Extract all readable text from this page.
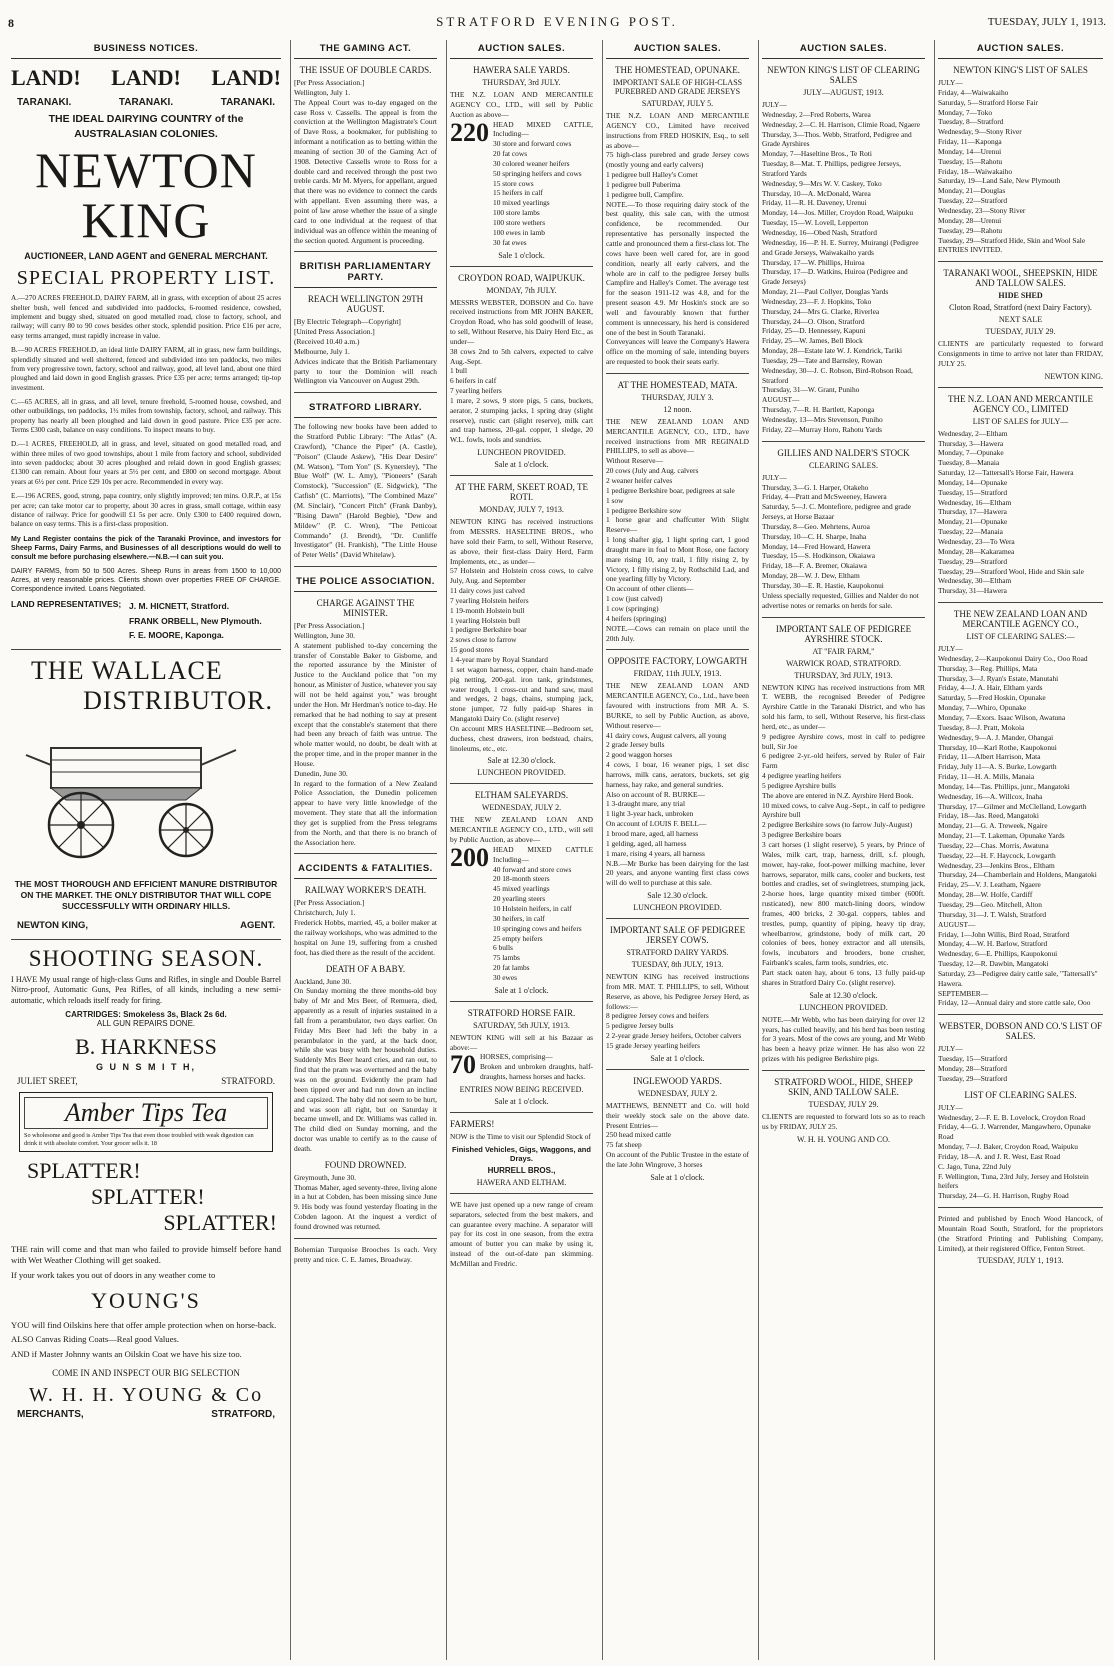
8	STRATFORD EVENING POST.	TUESDAY, JULY 1, 1913.
BUSINESS NOTICES.
LAND! LAND! LAND!
TARANAKI.	TARANAKI.	TARANAKI.
THE IDEAL DAIRYING COUNTRY of the AUSTRALASIAN COLONIES.
NEWTON KING
AUCTIONEER, LAND AGENT and GENERAL MERCHANT.
SPECIAL PROPERTY LIST.
A.—270 ACRES FREEHOLD, DAIRY FARM, all in grass, with exception of about 25 acres shelter bush, well fenced and subdivided into paddocks, 6-roomed residence, cowshed, implement and buggy shed, situated on good metalled road, close to factory, school, and railway; will carry 80 to 90 cows besides other stock, splendid position. Price £16 per acre, easy terms arranged, must rapidly increase in value.
B.—90 ACRES FREEHOLD, an ideal little DAIRY FARM, all in grass, new farm buildings, splendidly situated and well sheltered, fenced and subdivided into ten paddocks, two miles from very progressive town, factory, school and railway, good, all level land, about one third ploughed and laid down in good English grasses. Price £35 per acre; terms arranged; tip-top investment.
C.—65 ACRES, all in grass, and all level, tenure freehold, 5-roomed house, cowshed, and other outbuildings, ten paddocks, 1½ miles from township, factory, school, and railway. This property has nearly all been ploughed and laid down in good pasture. Price £35 per acre. Terms £300 cash, balance on easy conditions. To inspect means to buy.
D.—1 ACRES, FREEHOLD, all in grass, and level, situated on good metalled road, and within three miles of two good townships, about 1 mile from factory and school, subdivided into seven paddocks; about 30 acres ploughed and relaid down in good English grasses; £1300 can remain. About four years at 5½ per cent, and £800 on second mortgage. About years at 6½ per cent. Price £29 10s per acre. Recommended in every way.
E.—196 ACRES, good, strong, papa country, only slightly improved; ten mins. O.R.P., at 15s per acre; can take motor car to property, about 30 acres in grass, small cottage, within easy distance of railway. Price for goodwill £1 5s per acre. Only £300 to £400 required down, balance on easy terms. This is a first-class proposition.
My Land Register contains the pick of the Taranaki Province, and investors for Sheep Farms, Dairy Farms, and Businesses of all descriptions would do well to consult me before purchasing elsewhere.—N.B.—I can suit you.
DAIRY FARMS, from 50 to 500 Acres. Sheep Runs in areas from 1500 to 10,000 Acres, at very reasonable prices. Clients shown over properties FREE OF CHARGE. Correspondence invited. Loans Negotiated.
LAND REPRESENTATIVES; J. M. HICNETT, Stratford.
FRANK ORBELL, New Plymouth.
F. E. MOORE, Kaponga.
THE WALLACE
DISTRIBUTOR.
THE MOST THOROUGH AND EFFICIENT MANURE DISTRIBUTOR ON THE MARKET. THE ONLY DISTRIBUTOR THAT WILL COPE SUCCESSFULLY WITH ORDINARY HILLS.
NEWTON KING,	AGENT.
SHOOTING SEASON.
I HAVE My usual range of high-class Guns and Rifles, in single and Double Barrel Nitro-proof, Automatic Guns, Pea Rifles, of all kinds, including a new semi-automatic, which reloads itself ready for firing.
CARTRIDGES: Smokeless 3s, Black 2s 6d.
ALL GUN REPAIRS DONE.
B. HARKNESS
G U N S M I T H,
JULIET SREET,	STRATFORD.
Amber Tips Tea
So wholesome and good is Amber Tips Tea that even those troubled with weak digestion can drink it with absolute comfort. Your grocer sells it. 18
SPLATTER!
SPLATTER!
SPLATTER!
THE rain will come and that man who failed to provide himself before hand with Wet Weather Clothing will get soaked.
If your work takes you out of doors in any weather come to
YOUNG'S
YOU will find Oilskins here that offer ample protection when on horse-back.
ALSO Canvas Riding Coats—Real good Values.
AND if Master Johnny wants an Oilskin Coat we have his size too.
COME IN AND INSPECT OUR BIG SELECTION
W. H. H. YOUNG & Co
MERCHANTS,	STRATFORD,
THE GAMING ACT.
THE ISSUE OF DOUBLE CARDS.
[Per Press Association.]
Wellington, July 1.
The Appeal Court was to-day engaged on the case Ross v. Cassells. The appeal is from the conviction at the Wellington Magistrate's Court of Dave Ross, a bookmaker, for publishing to informant a notification as to betting within the meaning of section 30 of the Gaming Act of 1908. Detective Cassells wrote to Ross for a double card and received through the post two treble cards. Mr M. Myers, for appellant, argued that there was no evidence to connect the cards with appellant. Even assuming there was, a point of law arose whether the issue of a single card to one individual at the request of that individual was an offence within the meaning of the section quoted. Argument is proceeding.
BRITISH PARLIAMENTARY PARTY.
REACH WELLINGTON 29TH AUGUST.
[By Electric Telegraph—Copyright]
[United Press Association.]
(Received 10.40 a.m.)
Melbourne, July 1.
Advices indicate that the British Parliamentary party to tour the Dominion will reach Wellington via Vancouver on August 29th.
STRATFORD LIBRARY.
The following new books have been added to the Stratford Public Library: "The Atlas" (A. Crawford), "Chance the Piper" (A. Castle), "Poison" (Claude Askew), "His Dear Desire" (M. Watson), "Tom Yon" (S. Kynersley), "The Blue Wolf" (W. L. Amy), "Pioneers" (Sarah Comstock), "Succession" (E. Sidgwick), "The Catfish" (C. Marriotts), "The Combined Maze" (M. Sinclair), "Concert Pitch" (Frank Danby), "Rising Dawn" (Harold Begbie), "Dew and Mildew" (P. C. Wren), "The Petticoat Commando" (J. Brendt), "Dr. Cunliffe Investigator" (H. Frankish), "The Little House of Peter Wells" (David Whitelaw).
THE POLICE ASSOCIATION.
CHARGE AGAINST THE MINISTER.
[Per Press Association.]
Wellington, June 30.
A statement published to-day concerning the transfer of Constable Baker to Gisborne, and the reported assurance by the Minister of Justice to the Auckland police that "on my honour, as Minister of Justice, whatever you say will not be held against you," was brought under the Hon. Mr Herdman's notice to-day. He remarked that he had nothing to say at present except that the constable's statement that there had been any breach of faith was untrue. The whole matter would, no doubt, be dealt with at the proper time, and in the proper manner in the House.
Dunedin, June 30.
In regard to the formation of a New Zealand Police Association, the Dunedin policemen appear to have very little knowledge of the movement. They state that all the information they get is supplied from the Press telegrams from the North, and that there is no branch of the Association here.
ACCIDENTS & FATALITIES.
RAILWAY WORKER'S DEATH.
[Per Press Association.]
Christchurch, July 1.
Frederick Hobbs, married, 45, a boiler maker at the railway workshops, who was admitted to the hospital on June 19, suffering from a crushed foot, has died there as the result of the accident.
DEATH OF A BABY.
Auckland, June 30.
On Sunday morning the three months-old boy baby of Mr and Mrs Beer, of Remuera, died, apparently as a result of injuries sustained in a fall from a perambulator, two days earlier. On Friday Mrs Beer had left the baby in a perambulator in the yard, at the back door, while she was busy with her household duties. Suddenly Mrs Beer heard cries, and ran out, to find that the pram was overturned and the baby was on the ground. Evidently the pram had been tipped over and had run down an incline and capsized. The baby did not seem to be hurt, and was soon all right, but on Saturday it became unwell, and Dr. Williams was called in. The child died on Sunday morning, and the doctor was unable to certify as to the cause of death.
FOUND DROWNED.
Greymouth, June 30.
Thomas Maher, aged seventy-three, living alone in a hut at Cobden, has been missing since June 9. His body was found yesterday floating in the Cobden lagoon. At the inquest a verdict of found drowned was returned.
Bohemian Turquoise Brooches 1s each. Very pretty and nice. C. E. James, Broadway.
AUCTION SALES.
HAWERA SALE YARDS.
THURSDAY, 3rd JULY.
THE N.Z. LOAN AND MERCANTILE AGENCY CO., LTD., will sell by Public Auction as above—
220 HEAD MIXED CATTLE, Including—
30 store and forward cows
20 fat cows
30 colored weaner heifers
50 springing heifers and cows
15 store cows
15 heifers in calf
10 mixed yearlings
100 store lambs
100 store wethers
100 ewes in lamb
30 fat ewes
Sale 1 o'clock.
CROYDON ROAD, WAIPUKUK.
MONDAY, 7th JULY.
MESSRS WEBSTER, DOBSON and Co. have received instructions from MR JOHN BAKER, Croydon Road, who has sold goodwill of lease, to sell, Without Reserve, his Dairy Herd Etc., as under—
38 cows 2nd to 5th calvers, expected to calve Aug.-Sept.
1 bull
6 heifers in calf
7 yearling heifers
1 mare, 2 sows, 9 store pigs, 5 cans, buckets, aerator, 2 stumping jacks, 1 spring dray (slight reserve), rustic cart (slight reserve), milk cart and trap harness, 20-gal. copper, 1 sledge, 20 W.L. fowls, tools and sundries.
LUNCHEON PROVIDED.
Sale at 1 o'clock.
AT THE FARM, SKEET ROAD, TE ROTI.
MONDAY, JULY 7, 1913.
NEWTON KING has received instructions from MESSRS. HASELTINE BROS., who have sold their Farm, to sell, Without Reserve, as above, their first-class Dairy Herd, Farm Implements, etc., as under—
57 Holstein and Holstein cross cows, to calve July, Aug. and September
11 dairy cows just calved
7 yearling Holstein heifers
1 19-month Holstein bull
1 yearling Holstein bull
1 pedigree Berkshire boar
2 sows close to farrow
15 good stores
1 4-year mare by Royal Standard
1 set wagon harness, copper, chain hand-made pig netting, 200-gal. iron tank, grindstones, water trough, 1 cross-cut and hand saw, maul and wedges, 2 bags, chains, stumping jack, stone jumper, 72 fully paid-up Shares in Mangatoki Dairy Co. (slight reserve)
On account MRS HASELTINE—Bedroom set, duchess, chest drawers, iron bedstead, chairs, linoleums, etc., etc.
Sale at 12.30 o'clock.
LUNCHEON PROVIDED.
ELTHAM SALEYARDS.
WEDNESDAY, JULY 2.
THE NEW ZEALAND LOAN AND MERCANTILE AGENCY CO., LTD., will sell by Public Auction, as above—
200 HEAD MIXED CATTLE Including—
40 forward and store cows
20 18-month steers
45 mixed yearlings
20 yearling steers
10 Holstein heifers, in calf
30 heifers, in calf
10 springing cows and heifers
25 empty heifers
6 bulls
75 lambs
20 fat lambs
30 ewes
Sale at 1 o'clock.
STRATFORD HORSE FAIR.
SATURDAY, 5th JULY, 1913.
NEWTON KING will sell at his Bazaar as above:—
70 HORSES, comprising—
Broken and unbroken draughts, half-draughts, harness horses and hacks.
ENTRIES NOW BEING RECEIVED.
Sale at 1 o'clock.
FARMERS!
NOW is the Time to visit our Splendid Stock of
Finished Vehicles, Gigs, Waggons, and Drays.
HURRELL BROS.,
HAWERA AND ELTHAM.
WE have just opened up a new range of cream separators, selected from the best makers, and can guarantee every machine. A separator will pay for its cost in one season, from the extra amount of butter you can make by using it, instead of the out-of-date pan skimming. McMillan and Fredric.
AUCTION SALES.
THE HOMESTEAD, OPUNAKE.
IMPORTANT SALE OF HIGH-CLASS PUREBRED AND GRADE JERSEYS
SATURDAY, JULY 5.
THE N.Z. LOAN AND MERCANTILE AGENCY CO., Limited have received instructions from FRED HOSKIN, Esq., to sell as above—
75 high-class purebred and grade Jersey cows (mostly young and early calvers)
1 pedigree bull Halley's Comet
1 pedigree bull Puberima
1 pedigree bull, Campfire.
NOTE.—To those requiring dairy stock of the best quality, this sale can, with the utmost confidence, be recommended. Our representative has personally inspected the cattle and pronounced them a first-class lot. The cows have been well cared for, are in good condition, nearly all early calvers, and the whole are in calf to the pedigree Jersey bulls Campfire and Halley's Comet. The average test for the season 1911-12 was 4.8, and for the present season 4.9. Mr Hoskin's stock are so well and favourably known that further comment is unnecessary, his herd is considered one of the best in South Taranaki.
Conveyances will leave the Company's Hawera office on the morning of sale, intending buyers are requested to book their seats early.
AT THE HOMESTEAD, MATA.
THURSDAY, JULY 3.
12 noon.
THE NEW ZEALAND LOAN AND MERCANTILE AGENCY, CO., LTD., have received instructions from MR REGINALD PHILLIPS, to sell as above—
Without Reserve—
20 cows (July and Aug. calvers
2 weaner heifer calves
1 pedigree Berkshire boar, pedigrees at sale
1 sow
1 pedigree Berkshire sow
1 horse gear and chaffcutter With Slight Reserve—
1 long shafter gig, 1 light spring cart, 1 good draught mare in foal to Mont Rose, one factory mare rising 10, any trail, 1 filly rising 2, by Victory, 1 filly rising 2, by Rothschild Lad, and one yearling filly by Victory.
On account of other clients—
1 cow (just calved)
1 cow (springing)
4 heifers (springing)
NOTE.—Cows can remain on place until the 20th July.
OPPOSITE FACTORY, LOWGARTH
FRIDAY, 11th JULY, 1913.
THE NEW ZEALAND LOAN AND MERCANTILE AGENCY, Co., Ltd., have been favoured with instructions from MR A. S. BURKE, to sell by Public Auction, as above, Without reserve—
41 dairy cows, August calvers, all young
2 grade Jersey bulls
2 good waggon horses
4 cows, 1 boar, 16 weaner pigs, 1 set disc harrows, milk cans, aerators, buckets, set gig harness, hay rake, and general sundries.
Also on account of R. BURKE—
1 3-draught mare, any trial
1 light 3-year hack, unbroken
On account of LOUIS F. BELL—
1 brood mare, aged, all harness
1 gelding, aged, all harness
1 mare, rising 4 years, all harness
N.B.—Mr Burke has been dairying for the last 20 years, and anyone wanting first class cows will do well to purchase at this sale.
Sale 12.30 o'clock.
LUNCHEON PROVIDED.
IMPORTANT SALE OF PEDIGREE JERSEY COWS.
STRATFORD DAIRY YARDS.
TUESDAY, 8th JULY, 1913.
NEWTON KING has received instructions from MR. MAT. T. PHILLIPS, to sell, Without Reserve, as above, his Pedigree Jersey Herd, as follows:—
8 pedigree Jersey cows and heifers
5 pedigree Jersey bulls
2 2-year grade Jersey heifers, October calvers
15 grade Jersey yearling heifers
Sale at 1 o'clock.
INGLEWOOD YARDS.
WEDNESDAY, JULY 2.
MATTHEWS, BENNETT and Co. will hold their weekly stock sale on the above date. Present Entries—
250 head mixed cattle
75 fat sheep
On account of the Public Trustee in the estate of the late John Wingrove, 3 horses
Sale at 1 o'clock.
AUCTION SALES.
NEWTON KING'S LIST OF CLEARING SALES
JULY—AUGUST, 1913.
JULY—
Wednesday, 2—Fred Roberts, Warea
Wednesday, 2—C. H. Harrison, Climie Road, Ngaere
Thursday, 3—Thos. Webb, Stratford, Pedigree and Grade Ayrshires
Monday, 7—Haseltine Bros., Te Roti
Tuesday, 8—Mat. T. Phillips, pedigree Jerseys, Stratford Yards
Wednesday, 9—Mrs W. V. Caskey, Toko
Thursday, 10—A. McDonald, Warea
Friday, 11—R. H. Daveney, Urenui
Monday, 14—Jos. Miller, Croydon Road, Waipuku
Tuesday, 15—W. Lovell, Lepperton
Wednesday, 16—Obed Nash, Stratford
Wednesday, 16—P. H. E. Surrey, Muirangi (Pedigree and Grade Jerseys, Waiwakaiho yards
Thursday, 17—W. Phillips, Huiroa
Thursday, 17—D. Watkins, Huiroa (Pedigree and Grade Jerseys)
Monday, 21—Paul Collyer, Douglas Yards
Wednesday, 23—F. J. Hopkins, Toko
Thursday, 24—Mrs G. Clarke, Riverlea
Thursday, 24—O. Olson, Stratford
Friday, 25—D. Hennessey, Kapuni
Friday, 25—W. James, Bell Block
Monday, 28—Estate late W. J. Kendrick, Tariki
Tuesday, 29—Tate and Barnsley, Rowan
Wednesday, 30—J. C. Robson, Bird-Robson Road, Stratford
Thursday, 31—W. Grant, Puniho
AUGUST—
Thursday, 7—R. H. Bartlett, Kaponga
Wednesday, 13—Mrs Stevenson, Puniho
Friday, 22—Murray Horo, Rahotu Yards
GILLIES AND NALDER'S STOCK
CLEARING SALES.
JULY—
Thursday, 3—G. I. Harper, Otakeho
Friday, 4—Pratt and McSweeney, Hawera
Saturday, 5—J. C. Montefiore, pedigree and grade Jerseys, at Horse Bazaar
Thursday, 8—Geo. Mehrtens, Auroa
Thursday, 10—C. H. Sharpe, Inaha
Monday, 14—Fred Howard, Hawera
Tuesday, 15—S. Hodkinson, Okaiawa
Friday, 18—F. A. Bremer, Okaiawa
Monday, 28—W. J. Dew, Eltham
Thursday, 30—E. R. Hastie, Kaupokonui
Unless specially requested, Gillies and Nalder do not advertise notes or remarks on herds for sale.
IMPORTANT SALE OF PEDIGREE AYRSHIRE STOCK.
AT "FAIR FARM,"
WARWICK ROAD, STRATFORD.
THURSDAY, 3rd JULY, 1913.
NEWTON KING has received instructions from MR T. WEBB, the recognised Breeder of Pedigree Ayrshire Cattle in the Taranaki District, and who has sold his farm, to sell, Without Reserve, his first-class herd, etc., as under—
9 pedigree Ayrshire cows, most in calf to pedigree bull, Sir Joe
6 pedigree 2-yr.-old heifers, served by Ruler of Fair Farm
4 pedigree yearling heifers
5 pedigree Ayrshire bulls
The above are entered in N.Z. Ayrshire Herd Book.
10 mixed cows, to calve Aug.-Sept., in calf to pedigree Ayrshire bull
2 pedigree Berkshire sows (to farrow July-August)
3 pedigree Berkshire boars
3 cart horses (1 slight reserve), 5 years, by Prince of Wales, milk cart, trap, harness, drill, s.f. plough, mower, hay-rake, foot-power milking machine, lever harrows, separator, milk cans, cooler and buckets, test bottles and cradles, set of swingletrees, stumping jack, 2-horse hoes, large quantity mixed timber (600ft. rusticated), new 800 match-lining doors, window frames, 400 bricks, 2 30-gal. coppers, tables and trestles, pump, quantity of piping, heavy tip dray, wheelbarrow, grindstone, body of milk cart, 20 colonies of bees, honey extractor and all utensils, fowls, incubators and brooders, bone crusher, Fairbank's scales, farm tools, sundries, etc.
Part stack oaten hay, about 6 tons, 13 fully paid-up shares in Stratford Dairy Co. (slight reserve).
Sale at 12.30 o'clock.
LUNCHEON PROVIDED.
NOTE.—Mr Webb, who has been dairying for over 12 years, has culled heavily, and his herd has been testing for 3 years. Most of the cows are young, and Mr Webb has been a heavy prize winner. He has also won 22 prizes with his pedigree Berkshire pigs.
STRATFORD WOOL, HIDE, SHEEP SKIN, AND TALLOW SALE.
TUESDAY, JULY 29.
CLIENTS are requested to forward lots so as to reach us by FRIDAY, JULY 25.
W. H. H. YOUNG AND CO.
AUCTION SALES.
NEWTON KING'S LIST OF SALES
JULY—
Friday, 4—Waiwakaiho
Saturday, 5—Stratford Horse Fair
Monday, 7—Toko
Tuesday, 8—Stratford
Wednesday, 9—Stony River
Friday, 11—Kaponga
Monday, 14—Urenui
Tuesday, 15—Rahotu
Friday, 18—Waiwakaiho
Saturday, 19—Land Sale, New Plymouth
Monday, 21—Douglas
Tuesday, 22—Stratford
Wednesday, 23—Stony River
Monday, 28—Urenui
Tuesday, 29—Rahotu
Tuesday, 29—Stratford Hide, Skin and Wool Sale
ENTRIES INVITED.
TARANAKI WOOL, SHEEPSKIN, HIDE AND TALLOW SALES.
HIDE SHED
Cloton Road, Stratford (next Dairy Factory).
NEXT SALE
TUESDAY, JULY 29.
CLIENTS are particularly requested to forward Consignments in time to arrive not later than FRIDAY, JULY 25.
NEWTON KING.
THE N.Z. LOAN AND MERCANTILE AGENCY CO., LIMITED
LIST OF SALES for JULY—
Wednesday, 2—Eltham
Thursday, 3—Hawera
Monday, 7—Opunake
Tuesday, 8—Manaia
Saturday, 12—Tattersall's Horse Fair, Hawera
Monday, 14—Opunake
Tuesday, 15—Stratford
Wednesday, 16—Eltham
Thursday, 17—Hawera
Monday, 21—Opunake
Tuesday, 22—Manaia
Wednesday, 23—To Wera
Monday, 28—Kakaramea
Tuesday, 29—Stratford
Tuesday, 29—Stratford Wool, Hide and Skin sale
Wednesday, 30—Eltham
Thursday, 31—Hawera
THE NEW ZEALAND LOAN AND MERCANTILE AGENCY CO.,
LIST OF CLEARING SALES:—
JULY—
Wednesday, 2—Kaupokonui Dairy Co., Ooo Road
Thursday, 3—Reg. Phillips, Mata
Thursday, 3—J. Ryan's Estate, Manutahi
Friday, 4—J. A. Hair, Eltham yards
Saturday, 5—Fred Hoskin, Opunake
Monday, 7—Whiro, Opunake
Monday, 7—Exors. Isaac Wilson, Awatuna
Tuesday, 8—J. Pratt, Mokoia
Wednesday, 9—A. J. Mander, Ohangai
Thursday, 10—Karl Rothe, Kaupokonui
Friday, 11—Albert Harrison, Mata
Friday, July 11—A. S. Burke, Lowgarth
Friday, 11—H. A. Mills, Manaia
Monday, 14—Tas. Phillips, junr., Mangatoki
Wednesday, 16—A. Willcox, Inaha
Thursday, 17—Gilmer and McClelland, Lowgarth
Friday, 18—Jas. Reed, Mangatoki
Monday, 21—G. A. Treweek, Ngaire
Monday, 21—T. Lakeman, Opunake Yards
Tuesday, 22—Chas. Morris, Awatuna
Tuesday, 22—H. F. Haycock, Lowgarth
Wednesday, 23—Jenkins Bros., Eltham
Thursday, 24—Chamberlain and Holdens, Mangatoki
Friday, 25—V. J. Leatham, Ngaere
Monday, 28—W. Holfe, Cardiff
Tuesday, 29—Geo. Mitchell, Alton
Thursday, 31—J. T. Walsh, Stratford
AUGUST—
Friday, 1—John Willis, Bird Road, Stratford
Monday, 4—W. H. Barlow, Stratford
Wednesday, 6—E. Phillips, Kaupokonui
Tuesday, 12—R. Dawbin, Mangatoki
Saturday, 23—Pedigree dairy cattle sale, "Tattersall's" Hawera.
SEPTEMBER—
Friday, 12—Annual dairy and store cattle sale, Ooo
WEBSTER, DOBSON AND CO.'S LIST OF SALES.
JULY—
Tuesday, 15—Stratford
Monday, 28—Stratford
Tuesday, 29—Stratford
LIST OF CLEARING SALES.
JULY—
Wednesday, 2—F. E. B. Lovelock, Croydon Road
Friday, 4—G. J. Warrender, Mangawhero, Opunake Road
Monday, 7—J. Baker, Croydon Road, Waipuku
Friday, 18—A. and J. R. West, East Road
C. Jago, Tuna, 22nd July
F. Wellington, Tuna, 23rd July, Jersey and Holstein heifers
Thursday, 24—G. H. Harrison, Rugby Road
Printed and published by Enoch Wood Hancock, of Mountain Road South, Stratford, for the proprietors (the Stratford Printing and Publishing Company, Limited), at their registered Office, Fenton Street.
TUESDAY, JULY 1, 1913.
